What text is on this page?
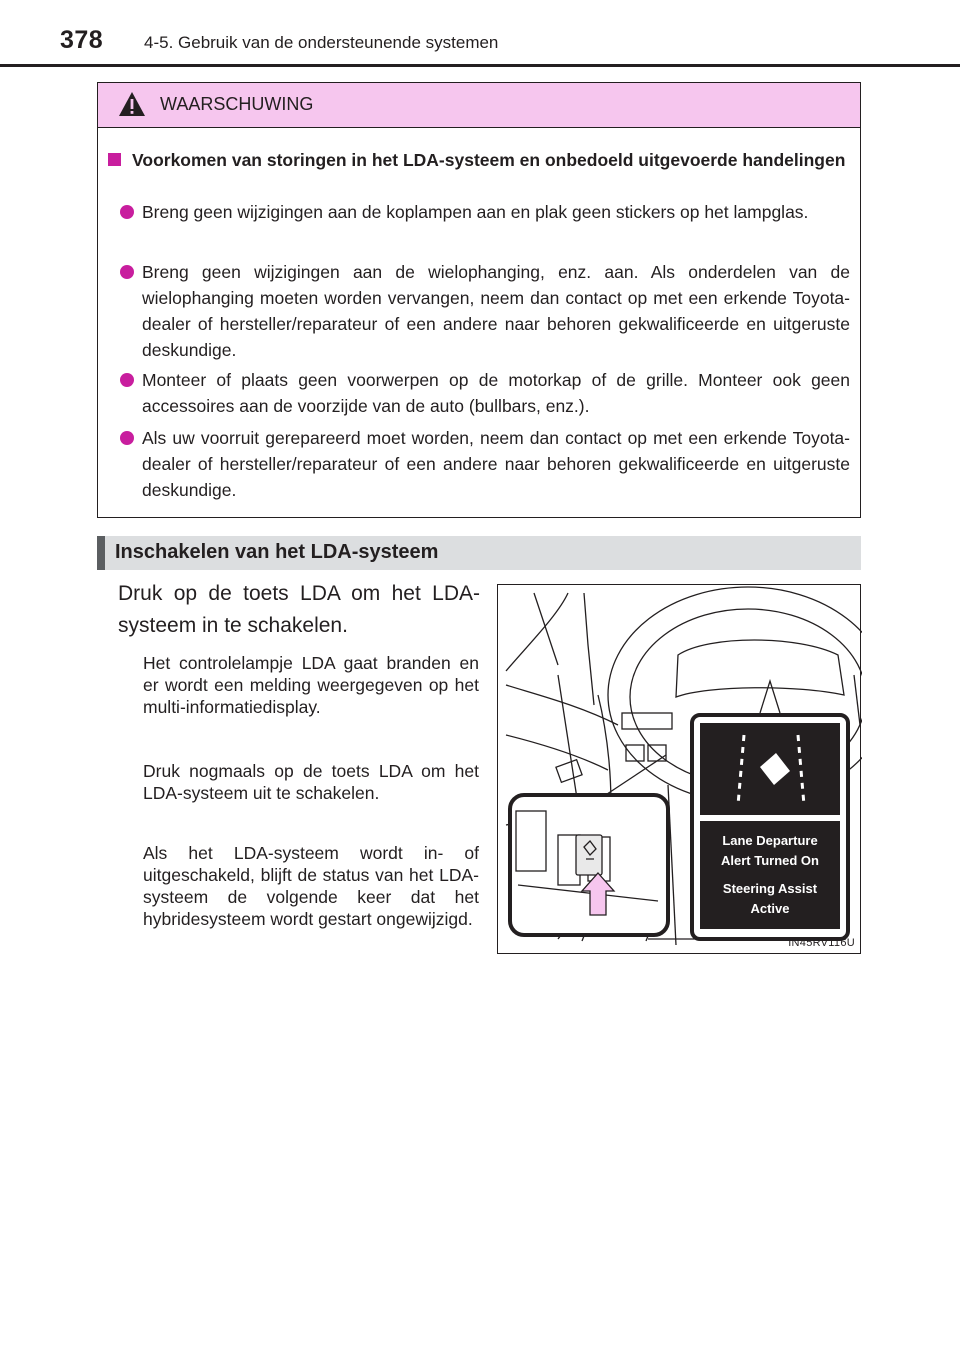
378 4-5. Gebruik van de ondersteunende systemen
WAARSCHUWING
Voorkomen van storingen in het LDA-systeem en onbedoeld uitgevoerde handelingen
Breng geen wijzigingen aan de koplampen aan en plak geen stickers op het lampglas.
Breng geen wijzigingen aan de wielophanging, enz. aan. Als onderdelen van de wielophanging moeten worden vervangen, neem dan contact op met een erkende Toyota-dealer of hersteller/reparateur of een andere naar behoren gekwalificeerde en uitgeruste deskundige.
Monteer of plaats geen voorwerpen op de motorkap of de grille. Monteer ook geen accessoires aan de voorzijde van de auto (bullbars, enz.).
Als uw voorruit gerepareerd moet worden, neem dan contact op met een erkende Toyota-dealer of hersteller/reparateur of een andere naar behoren gekwalificeerde en uitgeruste deskundige.
Inschakelen van het LDA-systeem
Druk op de toets LDA om het LDA-systeem in te schakelen.
Het controlelampje LDA gaat branden en er wordt een melding weergegeven op het multi-informatiedisplay.
Druk nogmaals op de toets LDA om het LDA-systeem uit te schakelen.
Als het LDA-systeem wordt in- of uitgeschakeld, blijft de status van het LDA-systeem de volgende keer dat het hybridesysteem wordt gestart ongewijzigd.
Lane Departure
Alert Turned On
Steering Assist
Active
IN45RV116U
